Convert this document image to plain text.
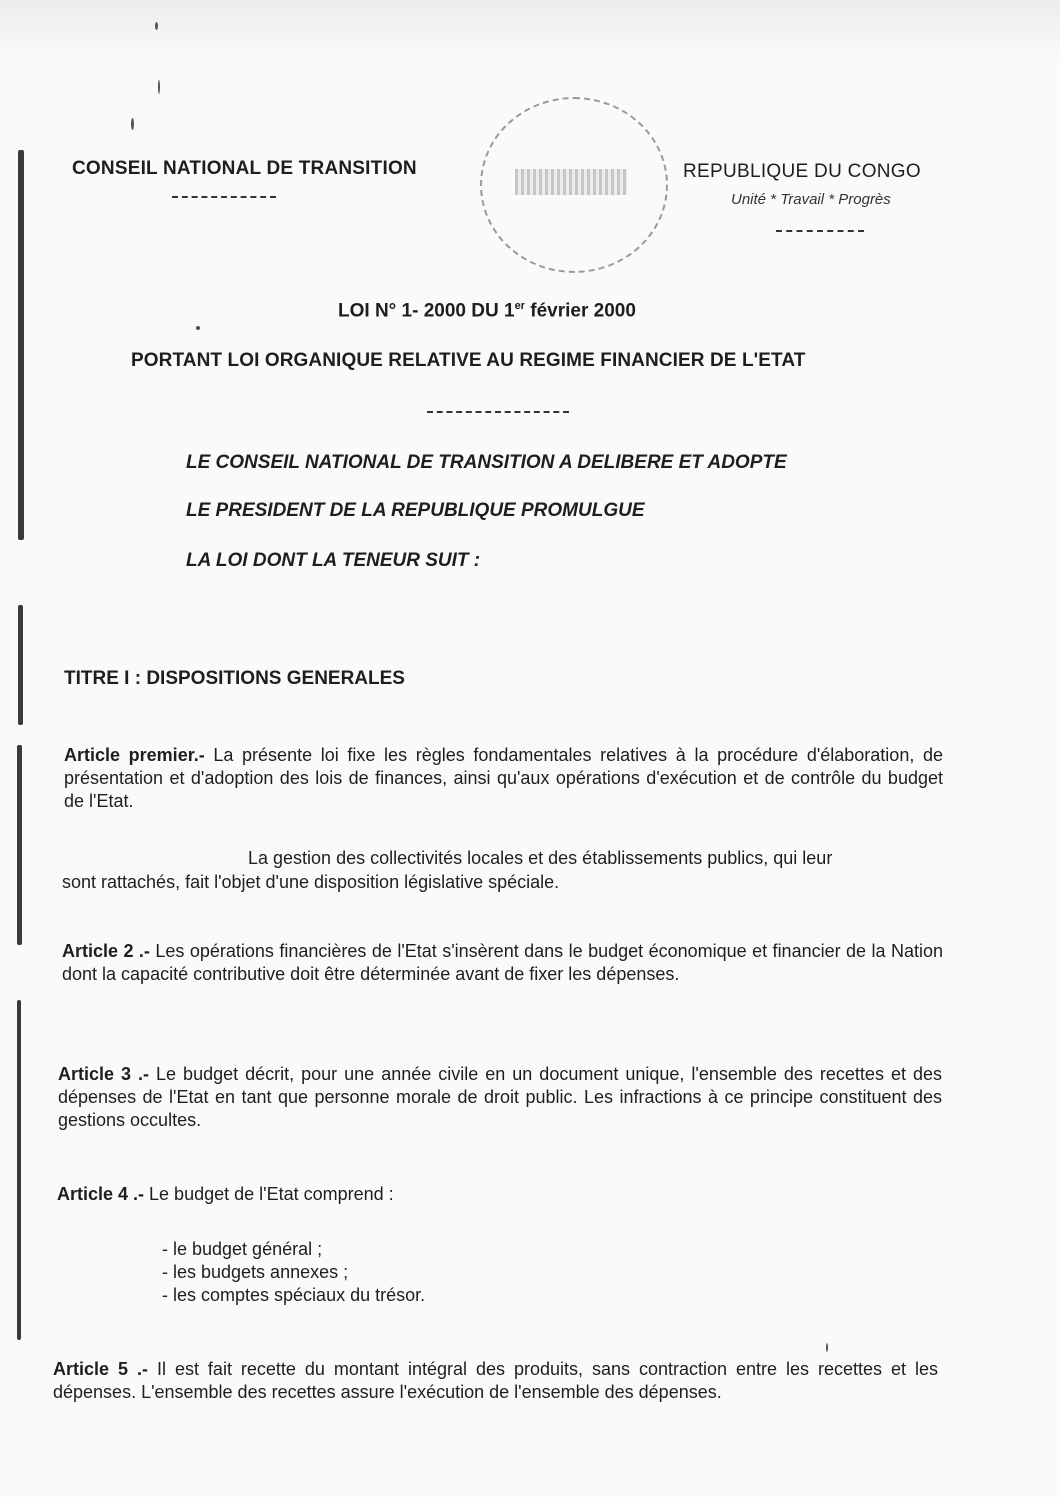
CONSEIL NATIONAL DE TRANSITION	REPUBLIQUE DU CONGO
Unité * Travail * Progrès
LOI N° 1- 2000 DU 1er février 2000
PORTANT LOI ORGANIQUE RELATIVE AU REGIME FINANCIER DE L'ETAT
LE CONSEIL NATIONAL DE TRANSITION A DELIBERE ET ADOPTE
LE PRESIDENT DE LA REPUBLIQUE PROMULGUE
LA LOI DONT LA TENEUR SUIT :
TITRE I : DISPOSITIONS GENERALES
Article premier.- La présente loi fixe les règles fondamentales relatives à la procédure d'élaboration, de présentation et d'adoption des lois de finances, ainsi qu'aux opérations d'exécution et de contrôle du budget de l'Etat.
La gestion des collectivités locales et des établissements publics, qui leur
sont rattachés, fait l'objet d'une disposition législative spéciale.
Article 2 .- Les opérations financières de l'Etat s'insèrent dans le budget économique et financier de la Nation dont la capacité contributive doit être déterminée avant de fixer les dépenses.
Article 3 .- Le budget décrit, pour une année civile en un document unique, l'ensemble des recettes et des dépenses de l'Etat en tant que personne morale de droit public. Les infractions à ce principe constituent des gestions occultes.
Article 4 .- Le budget de l'Etat comprend :
- le budget général ;
- les budgets annexes ;
- les comptes spéciaux du trésor.
Article 5 .- Il est fait recette du montant intégral des produits, sans contraction entre les recettes et les dépenses. L'ensemble des recettes assure l'exécution de l'ensemble des dépenses.
